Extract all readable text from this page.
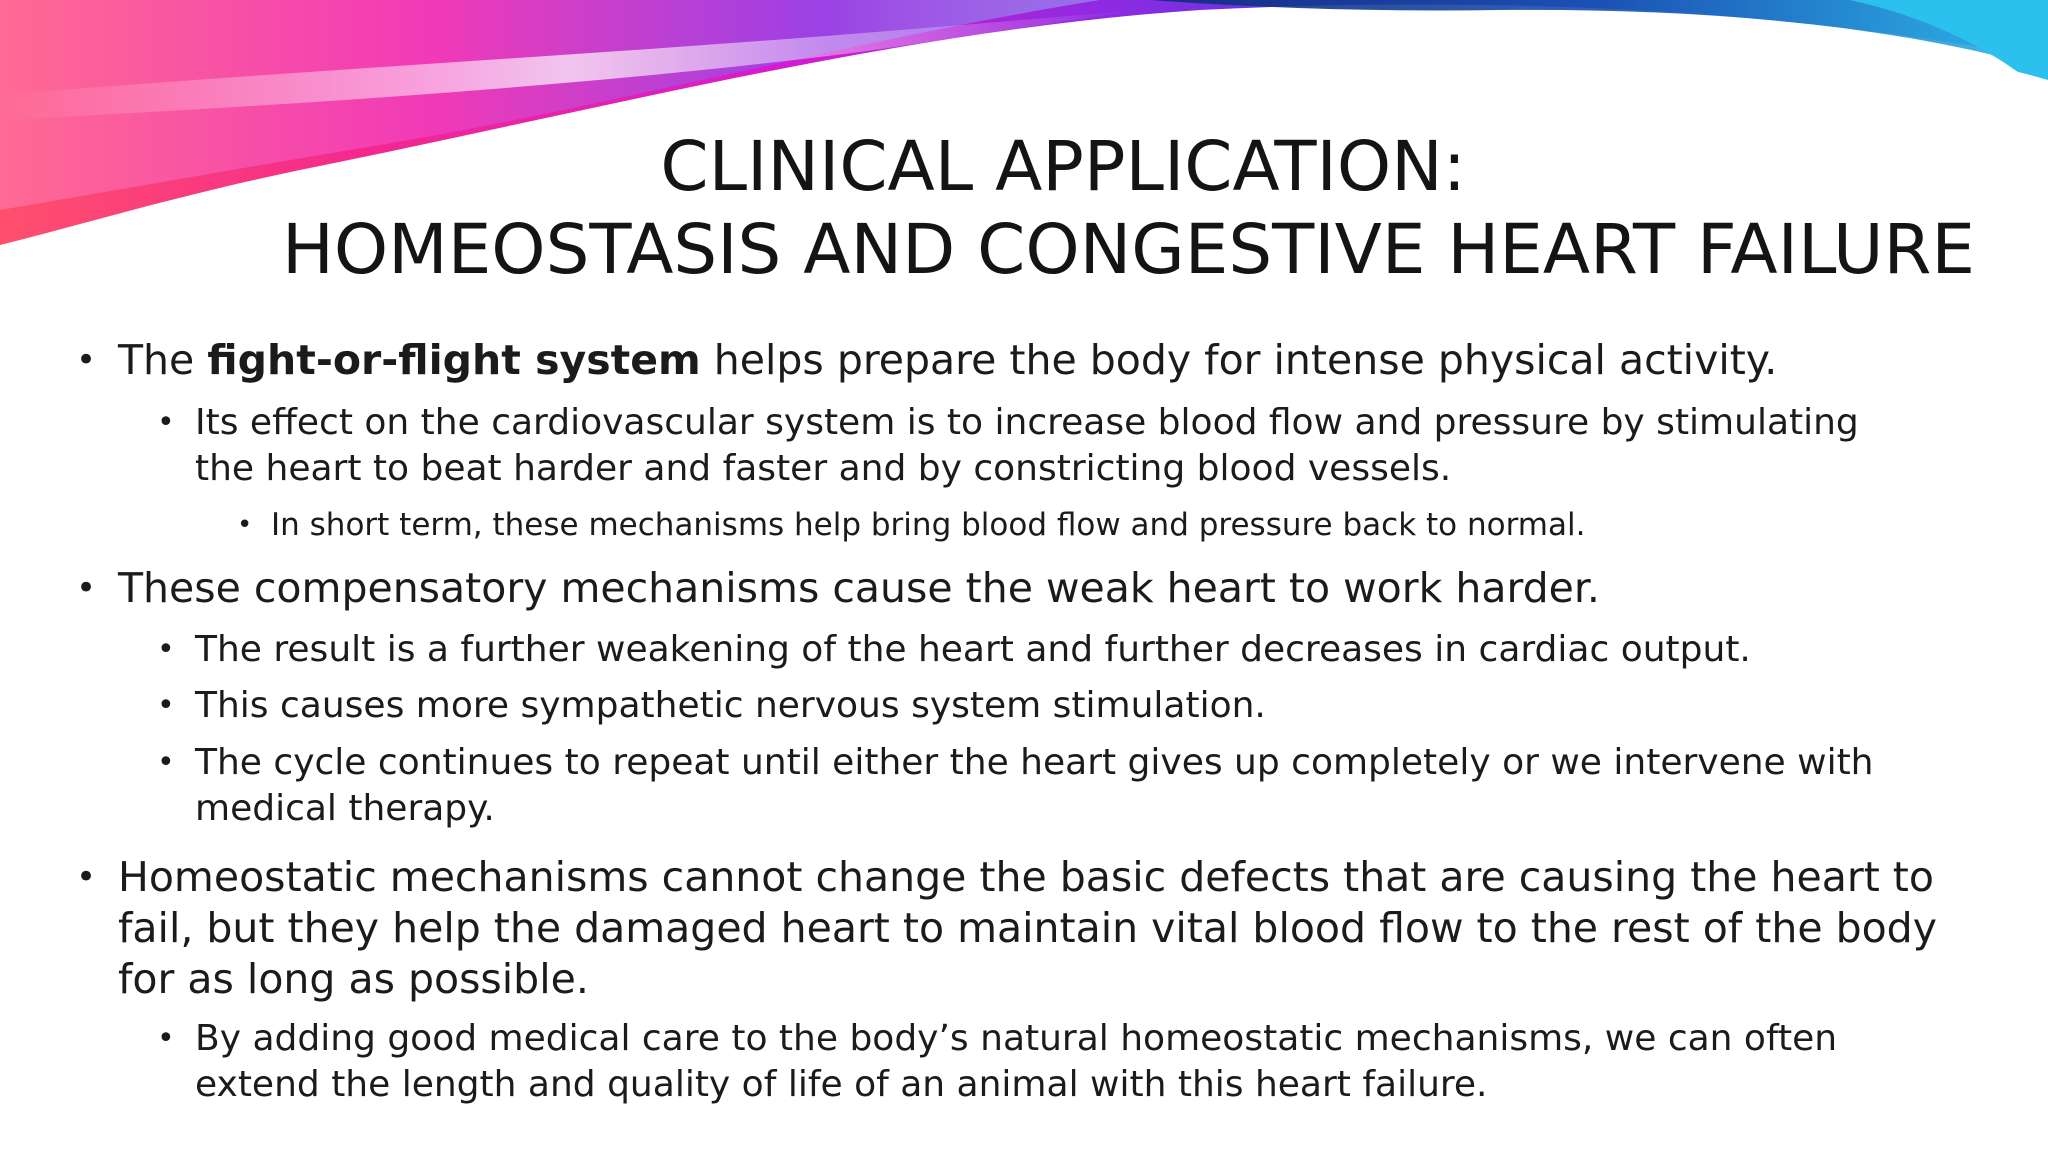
CLINICAL APPLICATION:
HOMEOSTASIS AND CONGESTIVE HEART FAILURE
• The fight-or-flight system helps prepare the body for intense physical activity.
• Its effect on the cardiovascular system is to increase blood flow and pressure by stimulating
the heart to beat harder and faster and by constricting blood vessels.
• In short term, these mechanisms help bring blood flow and pressure back to normal.
• These compensatory mechanisms cause the weak heart to work harder.
• The result is a further weakening of the heart and further decreases in cardiac output.
• This causes more sympathetic nervous system stimulation.
• The cycle continues to repeat until either the heart gives up completely or we intervene with
medical therapy.
• Homeostatic mechanisms cannot change the basic defects that are causing the heart to
fail, but they help the damaged heart to maintain vital blood flow to the rest of the body
for as long as possible.
• By adding good medical care to the body’s natural homeostatic mechanisms, we can often
extend the length and quality of life of an animal with this heart failure.
